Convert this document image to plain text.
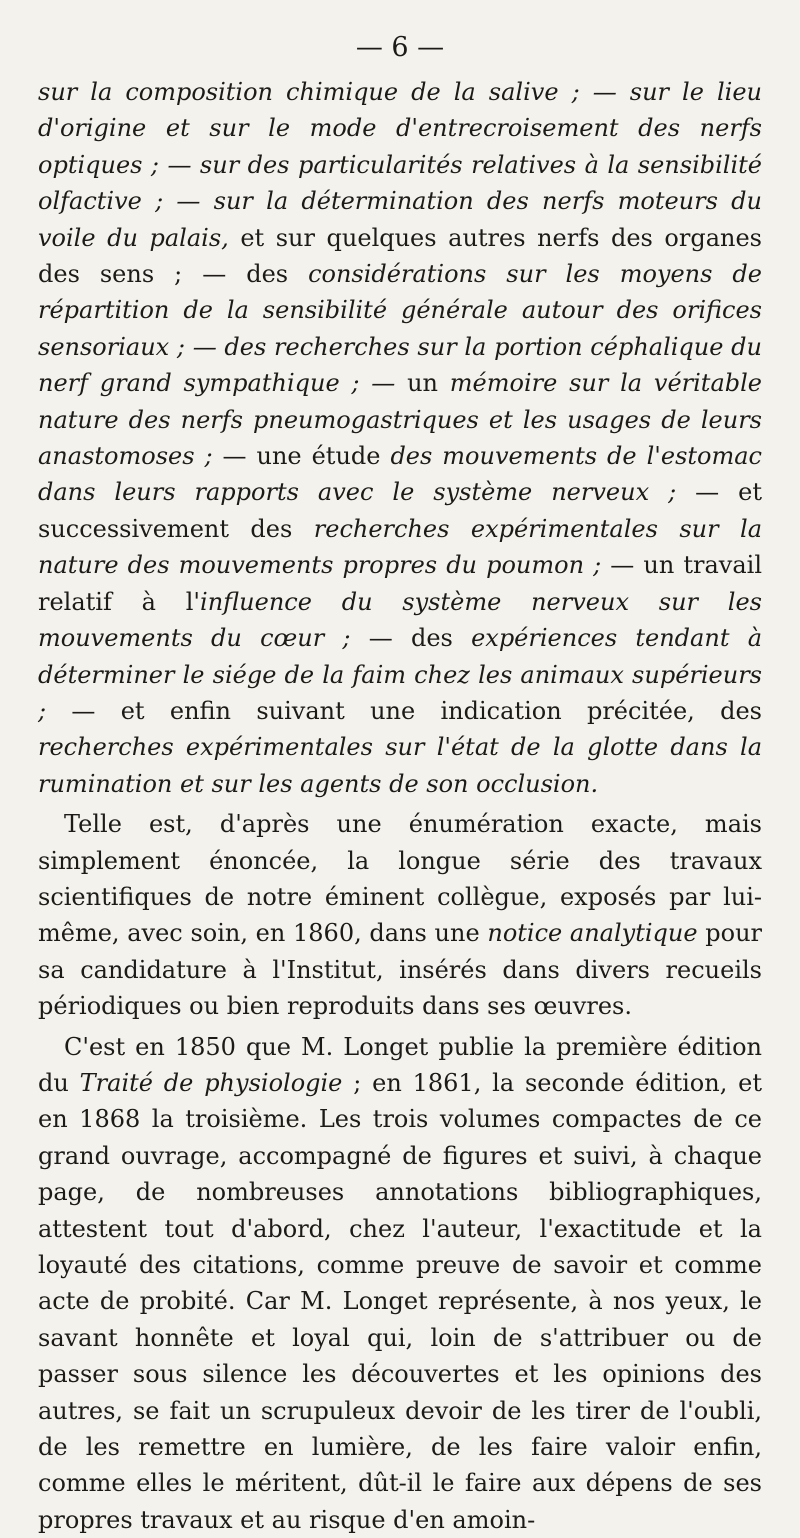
— 6 —

sur la composition chimique de la salive ; — sur le lieu d'origine et sur le mode d'entrecroisement des nerfs optiques ; — sur des particularités relatives à la sensibilité olfactive ; — sur la détermination des nerfs moteurs du voile du palais, et sur quelques autres nerfs des organes des sens ; — des considérations sur les moyens de répartition de la sensibilité générale autour des orifices sensoriaux ; — des recherches sur la portion céphalique du nerf grand sympathique ; — un mémoire sur la véritable nature des nerfs pneumogastriques et les usages de leurs anastomoses ; — une étude des mouvements de l'estomac dans leurs rapports avec le système nerveux ; — et successivement des recherches expérimentales sur la nature des mouvements propres du poumon ; — un travail relatif à l'influence du système nerveux sur les mouvements du cœur ; — des expériences tendant à déterminer le siége de la faim chez les animaux supérieurs ; — et enfin suivant une indication précitée, des recherches expérimentales sur l'état de la glotte dans la rumination et sur les agents de son occlusion.

Telle est, d'après une énumération exacte, mais simplement énoncée, la longue série des travaux scientifiques de notre éminent collègue, exposés par lui-même, avec soin, en 1860, dans une notice analytique pour sa candidature à l'Institut, insérés dans divers recueils périodiques ou bien reproduits dans ses œuvres.

C'est en 1850 que M. Longet publie la première édition du Traité de physiologie ; en 1861, la seconde édition, et en 1868 la troisième. Les trois volumes compactes de ce grand ouvrage, accompagné de figures et suivi, à chaque page, de nombreuses annotations bibliographiques, attestent tout d'abord, chez l'auteur, l'exactitude et la loyauté des citations, comme preuve de savoir et comme acte de probité. Car M. Longet représente, à nos yeux, le savant honnête et loyal qui, loin de s'attribuer ou de passer sous silence les découvertes et les opinions des autres, se fait un scrupuleux devoir de les tirer de l'oubli, de les remettre en lumière, de les faire valoir enfin, comme elles le méritent, dût-il le faire aux dépens de ses propres travaux et au risque d'en amoin-
